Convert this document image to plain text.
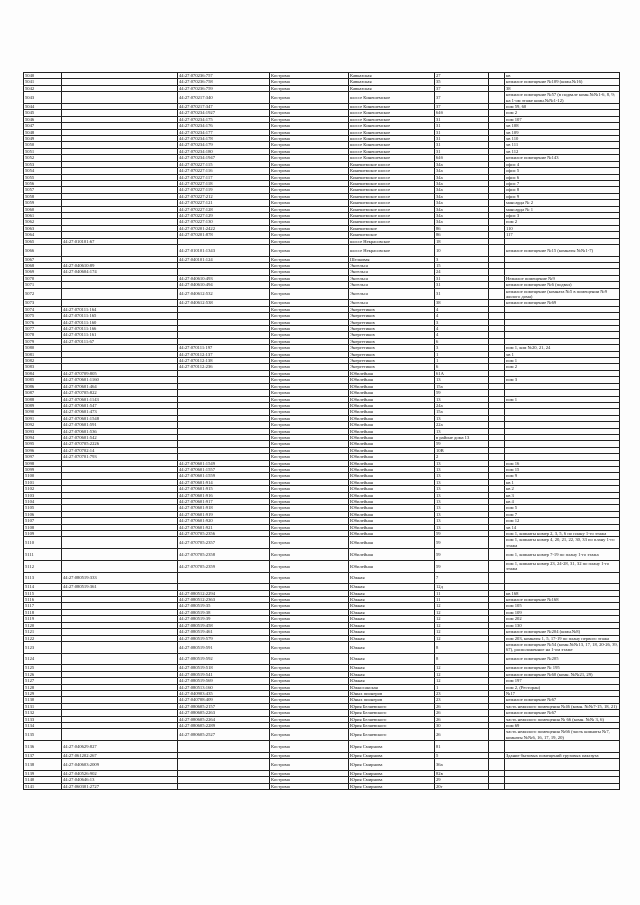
5040		44:27:070236:757	Кострома	Кавказская	27		кв
5041		44:27:070236:758	Кострома	Кавказская	35		нежилое помещение №109 (комн.№16)
5042		44:27:070236:759	Кострома	Кавказская	37		38
5043		44:27:070217:340	Кострома	шоссе Кинешемское	37		нежилое помещение №57 (в подвале комн.№№1-6, 8, 9; на 1-ом этаже комн.№№1-12)
5044		44:27:070217:347	Кострома	шоссе Кинешемское	37		пом 59, 60
5045		44:27:070234:1927	Кострома	шоссе Кинешемское	64б		пом 2
5046		44:27:070234:175	Кострома	шоссе Кинешемское	31		пом 107
5047		44:27:070234:176	Кострома	шоссе Кинешемское	31		хв 108
5048		44:27:070234:177	Кострома	шоссе Кинешемское	31		хв 109
5049		44:27:070234:178	Кострома	шоссе Кинешемское	31		хв 110
5050		44:27:070234:179	Кострома	шоссе Кинешемское	31		хв 111
5051		44:27:070234:180	Кострома	шоссе Кинешемское	31		хв 112
5052		44:27:070234:1947	Кострома	шоссе Кинешемское	64б		нежилое помещение №143
5053		44:27:070227:115	Кострома	Кинешемское шоссе	34а		офис 4
5054		44:27:070227:116	Кострома	Кинешемское шоссе	34а		офис 5
5055		44:27:070227:117	Кострома	Кинешемское шоссе	34а		офис 6
5056		44:27:070227:118	Кострома	Кинешемское шоссе	34а		офис 7
5057		44:27:070227:119	Кострома	Кинешемское шоссе	34а		офис 8
5058		44:27:070227:212	Кострома	Кинешемское шоссе	34а		офис 9
5059		44:27:070227:121	Кострома	Кинешемское шоссе	34а		мансарда № 2
5060		44:27:070227:128	Кострома	Кинешемское шоссе	34а		мансарда № 1
5061		44:27:070227:129	Кострома	Кинешемское шоссе	34а		офис 3
5062		44:27:070227:130	Кострома	Кинешемское шоссе	34а		пом 2
5063		44:27:070201:2422	Кострома	Кинешемское	86		110
5064		44:27:070201:878	Кострома	Кинешемское	86		117
5065	44:27:010101:67		Кострома	шоссе Некрасовское	18		
5066		44:27:010101:1343	Кострома	шоссе Некрасовское	10		нежилое помещение №15 (комнаты №№1-7)
5067		44:27:040101:124	Кострома	Шелковая	3		
5068	44:27:040610:89		Кострома	Энгельса	15		
5069	44:27:040604:174		Кострома	Энгельса	24		
5070		44:27:040610:493	Кострома	Энгельса	31		Нежилое помещение №9
5071		44:27:040610:494	Кострома	Энгельса	31		нежилое помещение №6 (подвал)
5072		44:27:040612:532	Кострома	Энгельса	31		нежилое помещение (комната №5 в помещении №9 жилого дома)
5073		44:27:040612:538	Кострома	Энгельса	38		нежилое помещение №69
5074	44:27:070111:164		Кострома	Энергетиков	4		
5075	44:27:070111:165		Кострома	Энергетиков	4		
5076	44:27:070111:160		Кострома	Энергетиков	3		
5077	44:27:070111:166		Кострома	Энергетиков	4		
5078	44:27:070111:161		Кострома	Энергетиков	4		
5079	44:27:070111:67		Кострома	Энергетиков	6		
5080		44:27:070111:197	Кострома	Энергетиков	3		пом 1, ком №20, 21, 24
5081		44:27:070112:137	Кострома	Энергетиков	1		хв 1
5082		44:27:070112:138	Кострома	Энергетиков	1		пом 1
5083		44:27:070112:236	Кострома	Энергетиков	6		пом 2
5084	44:27:070709:805		Кострома	Юбилейная	61А		
5085	44:27:070601:1160		Кострома	Юбилейная	13		пом 3
5086	44:27:070601:464		Кострома	Юбилейная	15а		
5087	44:27:070705:822		Кострома	Юбилейная	59		
5088	44:27:070601:1143		Кострома	Юбилейная	13		пом 1
5089	44:27:070601:547		Кострома	Юбилейная	24а		
5090	44:27:070601:473		Кострома	Юбилейная	15а		
5091	44:27:070601:1548		Кострома	Юбилейная	13		
5092	44:27:070601:591		Кострома	Юбилейная	22а		
5093	44:27:070601:536		Кострома	Юбилейная	13		
5094	44:27:070601:542		Кострома	Юбилейная	в районе дома 13		
5095	44:27:070705:2226		Кострома	Юбилейная	59		
5096	44:27:070702:14		Кострома	Юбилейная	10В		
5097	44:27:070701:793		Кострома	Юбилейная	2		
5098		44:27:070601:1549	Кострома	Юбилейная	13		пом 16
5099		44:27:070601:1557	Кострома	Юбилейная	13		пом 15
5100		44:27:070601:1559	Кострома	Юбилейная	13		пом 9
5101		44:27:070601:914	Кострома	Юбилейная	13		кв 1
5102		44:27:070601:915	Кострома	Юбилейная	13		кв 2
5103		44:27:070601:916	Кострома	Юбилейная	13		кв 3
5104		44:27:070601:917	Кострома	Юбилейная	13		кв 4
5105		44:27:070601:918	Кострома	Юбилейная	13		пом 5
5106		44:27:070601:919	Кострома	Юбилейная	13		пом 7
5107		44:27:070601:920	Кострома	Юбилейная	13		пом 12
5108		44:27:070601:921	Кострома	Юбилейная	13		хв 14
5109		44:27:070705:2356	Кострома	Юбилейная	59		пом 1, комнаты номер 2, 3, 5, 6 по плану 1-го этажа
5110		44:27:070705:2357	Кострома	Юбилейная	59		пом 1, комнаты номер 4, 20, 21, 22, 30, 33 по плану 1-го этажа
5111		44:27:070705:2358	Кострома	Юбилейная	59		пом 1, комнаты номер 7-19 по плану 1-го этажа
5112		44:27:070705:2359	Кострома	Юбилейная	59		пом 1, комнаты номер 23, 24-28, 31, 32 по плану 1-го этажа
5113	44:27:080519:333		Кострома	Южная	7		
5114	44:27:080519:361		Кострома	Южная	12д		
5115		44:27:080512:2294	Кострома	Южная	11		кв 168
5116		44:27:080512:2363	Кострома	Южная	11		нежилое помещение №168
5117		44:27:080519:35	Кострома	Южная	12		пом 105
5118		44:27:080519:38	Кострома	Южная	12		пом 109
5119		44:27:080519:39	Кострома	Южная	12		пом 202
5120		44:27:080519:458	Кострома	Южная	12		пом 130
5121		44:27:080519:461	Кострома	Южная	12		нежилое помещение №204 (комн.№8)
5122		44:27:080519:579	Кострома	Южная	12		пом 203, комнаты 1, 5, 17-19 по плану первого этажа
5123		44:27:080519:591	Кострома	Южная	8		нежилое помещение №54 (комн.№№13, 17, 18, 20-26, 39, 67), расположенное на 1-ом этаже
5124		44:27:080519:592	Кострома	Южная	8		нежилое помещение №205
5125		44:27:080519:518	Кострома	Южная	12		нежилое помещение № 195
5126		44:27:080519:541	Кострома	Южная	12		нежилое помещение №60 (комн. №№21, 29)
5127		44:27:080519:569	Кострома	Южная	12		пом 197
5128		44:27:080513:160	Кострома	Южносанская	1		пом 2, (Ресторан)
5129		44:27:040903:435	Кострома	Юных пионеров	23		№17
5130		44:27:040708:409	Кострома	Юных пионеров	23		нежилое помещение №67
5131		44:27:080605:2157	Кострома	Юрия Беляевского	26		часть нежилого помещения №46 (комн. №№7-15, 18, 21)
5132		44:27:080605:2263	Кострома	Юрия Беляевского	26		нежилое помещение №67
5133		44:27:080605:2264	Кострома	Юрия Беляевского	26		часть нежилого помещения № 66 (комн. №№ 3, 6)
5134		44:27:080605:2289	Кострома	Юрия Беляевского	30		пом 69
5135		44:27:080605:2527	Кострома	Юрия Беляевского	26		часть нежилого помещения №66 (часть комнаты №7, комнаты №№6, 16, 17, 19, 20)
5136	44:27:040629:827		Кострома	Юрия Смирнова	81		
5137	44:27:061202:267		Кострома	Юрия Смирнова	5		Здание бытовых помещений грузовых пакгауза
5138	44:27:040603:2009		Кострома	Юрия Смирнова	36а		
5139	44:27:040526:902		Кострома	Юрия Смирнова	82в		
5140	44:27:040646:13		Кострома	Юрия Смирнова	29		
5141	44:27:060301:2727		Кострома	Юрия Смирнова	20г		
